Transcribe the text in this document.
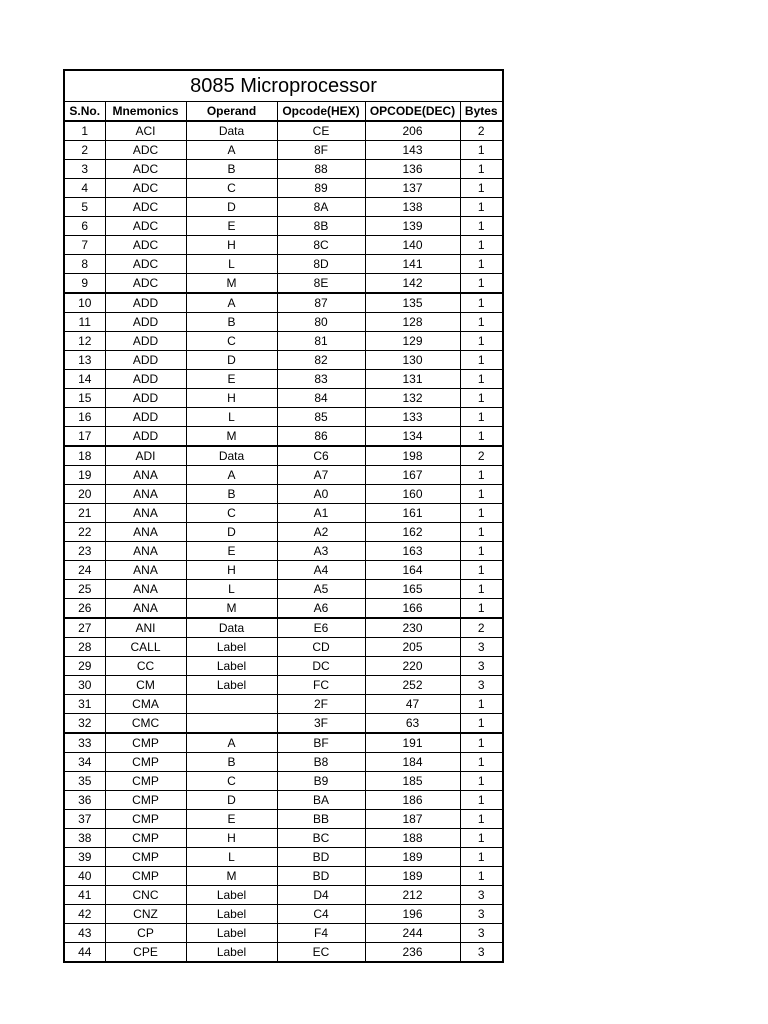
8085 Microprocessor					
S.No.	Mnemonics	Operand	Opcode(HEX)	OPCODE(DEC)	Bytes
1	ACI	Data	CE	206	2
2	ADC	A	8F	143	1
3	ADC	B	88	136	1
4	ADC	C	89	137	1
5	ADC	D	8A	138	1
6	ADC	E	8B	139	1
7	ADC	H	8C	140	1
8	ADC	L	8D	141	1
9	ADC	M	8E	142	1
10	ADD	A	87	135	1
11	ADD	B	80	128	1
12	ADD	C	81	129	1
13	ADD	D	82	130	1
14	ADD	E	83	131	1
15	ADD	H	84	132	1
16	ADD	L	85	133	1
17	ADD	M	86	134	1
18	ADI	Data	C6	198	2
19	ANA	A	A7	167	1
20	ANA	B	A0	160	1
21	ANA	C	A1	161	1
22	ANA	D	A2	162	1
23	ANA	E	A3	163	1
24	ANA	H	A4	164	1
25	ANA	L	A5	165	1
26	ANA	M	A6	166	1
27	ANI	Data	E6	230	2
28	CALL	Label	CD	205	3
29	CC	Label	DC	220	3
30	CM	Label	FC	252	3
31	CMA		2F	47	1
32	CMC		3F	63	1
33	CMP	A	BF	191	1
34	CMP	B	B8	184	1
35	CMP	C	B9	185	1
36	CMP	D	BA	186	1
37	CMP	E	BB	187	1
38	CMP	H	BC	188	1
39	CMP	L	BD	189	1
40	CMP	M	BD	189	1
41	CNC	Label	D4	212	3
42	CNZ	Label	C4	196	3
43	CP	Label	F4	244	3
44	CPE	Label	EC	236	3
